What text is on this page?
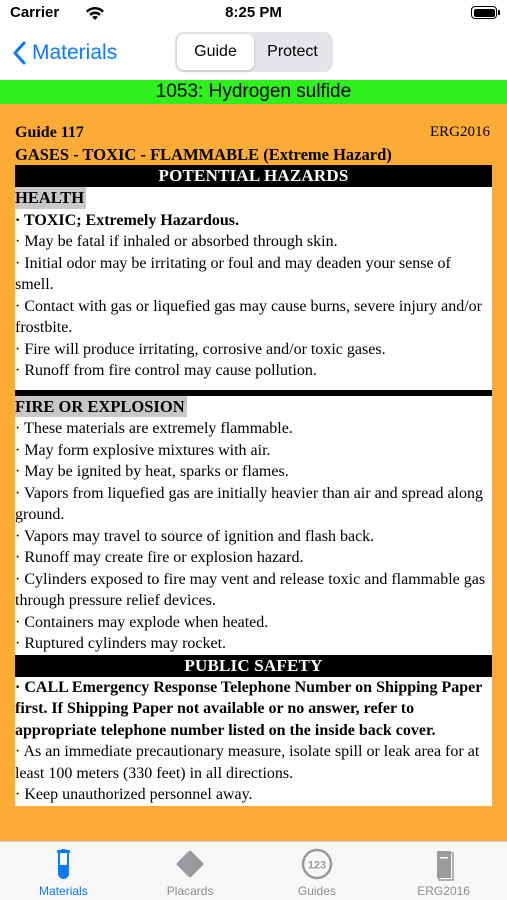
Carrier	8:25 PM
Materials	Guide	Protect
1053: Hydrogen sulfide
Guide 117	ERG2016
GASES - TOXIC - FLAMMABLE (Extreme Hazard)
POTENTIAL HAZARDS
HEALTH
· TOXIC; Extremely Hazardous.
· May be fatal if inhaled or absorbed through skin.
· Initial odor may be irritating or foul and may deaden your sense of smell.
· Contact with gas or liquefied gas may cause burns, severe injury and/or frostbite.
· Fire will produce irritating, corrosive and/or toxic gases.
· Runoff from fire control may cause pollution.
FIRE OR EXPLOSION
· These materials are extremely flammable.
· May form explosive mixtures with air.
· May be ignited by heat, sparks or flames.
· Vapors from liquefied gas are initially heavier than air and spread along ground.
· Vapors may travel to source of ignition and flash back.
· Runoff may create fire or explosion hazard.
· Cylinders exposed to fire may vent and release toxic and flammable gas through pressure relief devices.
· Containers may explode when heated.
· Ruptured cylinders may rocket.
PUBLIC SAFETY
· CALL Emergency Response Telephone Number on Shipping Paper first. If Shipping Paper not available or no answer, refer to appropriate telephone number listed on the inside back cover.
· As an immediate precautionary measure, isolate spill or leak area for at least 100 meters (330 feet) in all directions.
· Keep unauthorized personnel away.
Materials	Placards
123
Guides	ERG2016
